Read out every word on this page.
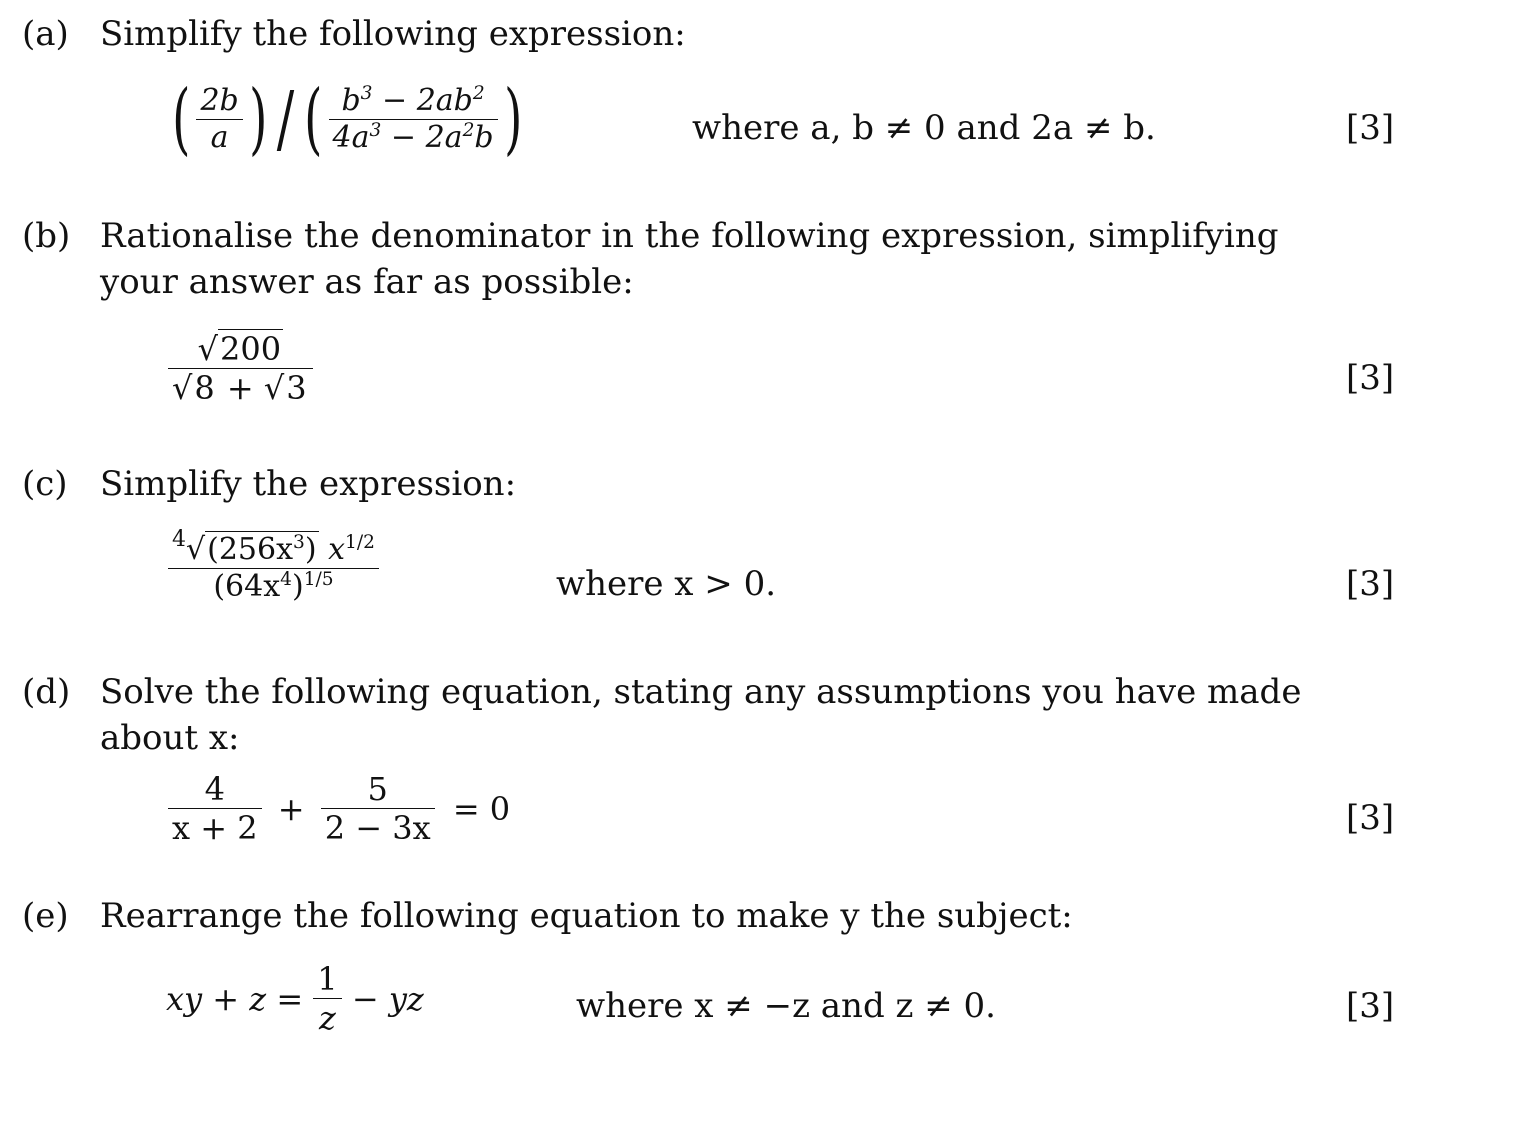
(a) Simplify the following expression:
( $\frac{2b}{a}$ ) / ( $\frac{b^3 - 2ab^2}{4a^3 - 2a^2b}$ )	where a, b ≠ 0 and 2a ≠ b.	[3]
(b) Rationalise the denominator in the following expression, simplifying
your answer as far as possible:
$\frac{√200}{√8 + √3}$	[3]
(c) Simplify the expression:
$\frac{^4√(256x^3) x^{1/2}}{(64x^4)^{1/5}}$	where x > 0.	[3]
(d) Solve the following equation, stating any assumptions you have made
about x:
$\frac{4}{x + 2} + \frac{5}{2 - 3x} = 0$	[3]
(e) Rearrange the following equation to make y the subject:
xy + $z = \frac{1}{z}$ − yz	where x ≠ −z and z ≠ 0.	[3]
